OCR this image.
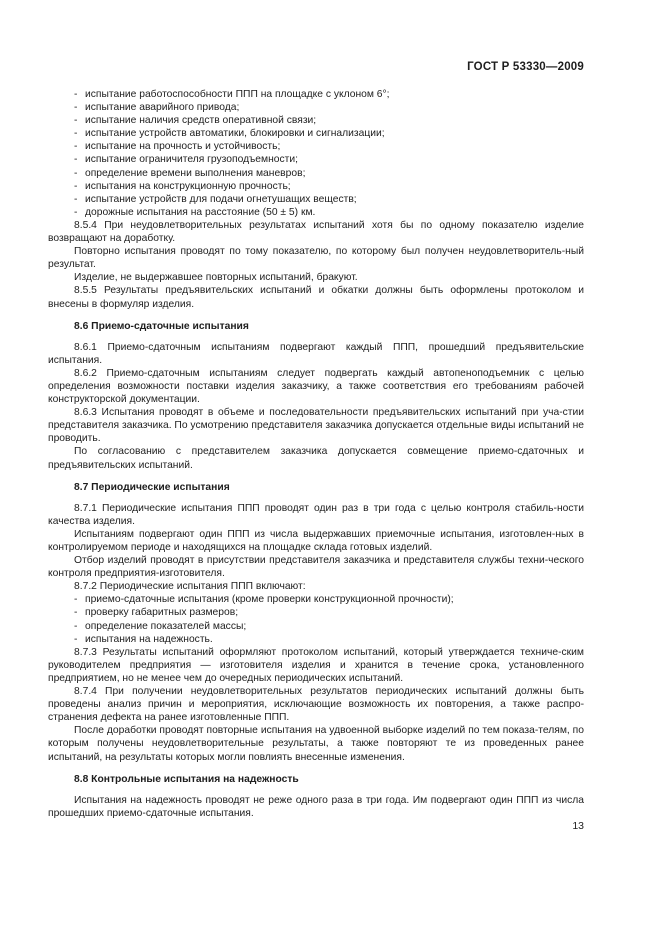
ГОСТ Р 53330—2009
- испытание работоспособности ППП на площадке с уклоном 6°;
- испытание аварийного привода;
- испытание наличия средств оперативной связи;
- испытание устройств автоматики, блокировки и сигнализации;
- испытание на прочность и устойчивость;
- испытание ограничителя грузоподъемности;
- определение времени выполнения маневров;
- испытания на конструкционную прочность;
- испытание устройств для подачи огнетушащих веществ;
- дорожные испытания на расстояние (50 ± 5) км.

8.5.4 При неудовлетворительных результатах испытаний хотя бы по одному показателю изделие возвращают на доработку.

Повторно испытания проводят по тому показателю, по которому был получен неудовлетворитель-ный результат.

Изделие, не выдержавшее повторных испытаний, бракуют.

8.5.5 Результаты предъявительских испытаний и обкатки должны быть оформлены протоколом и внесены в формуляр изделия.

8.6 Приемо-сдаточные испытания

8.6.1 Приемо-сдаточным испытаниям подвергают каждый ППП, прошедший предъявительские испытания.

8.6.2 Приемо-сдаточным испытаниям следует подвергать каждый автопеноподъемник с целью определения возможности поставки изделия заказчику, а также соответствия его требованиям рабочей конструкторской документации.

8.6.3 Испытания проводят в объеме и последовательности предъявительских испытаний при уча-стии представителя заказчика. По усмотрению представителя заказчика допускается отдельные виды испытаний не проводить.

По согласованию с представителем заказчика допускается совмещение приемо-сдаточных и предъявительских испытаний.

8.7 Периодические испытания

8.7.1 Периодические испытания ППП проводят один раз в три года с целью контроля стабиль-ности качества изделия.

Испытаниям подвергают один ППП из числа выдержавших приемочные испытания, изготовлен-ных в контролируемом периоде и находящихся на площадке склада готовых изделий.

Отбор изделий проводят в присутствии представителя заказчика и представителя службы техни-ческого контроля предприятия-изготовителя.

8.7.2 Периодические испытания ППП включают:

- приемо-сдаточные испытания (кроме проверки конструкционной прочности);
- проверку габаритных размеров;
- определение показателей массы;
- испытания на надежность.

8.7.3 Результаты испытаний оформляют протоколом испытаний, который утверждается техниче-ским руководителем предприятия — изготовителя изделия и хранится в течение срока, установленного предприятием, но не менее чем до очередных периодических испытаний.

8.7.4 При получении неудовлетворительных результатов периодических испытаний должны быть проведены анализ причин и мероприятия, исключающие возможность их повторения, а также распро-странения дефекта на ранее изготовленные ППП.

После доработки проводят повторные испытания на удвоенной выборке изделий по тем показа-телям, по которым получены неудовлетворительные результаты, а также повторяют те из проведенных ранее испытаний, на результаты которых могли повлиять внесенные изменения.

8.8 Контрольные испытания на надежность

Испытания на надежность проводят не реже одного раза в три года. Им подвергают один ППП из числа прошедших приемо-сдаточные испытания.

13
